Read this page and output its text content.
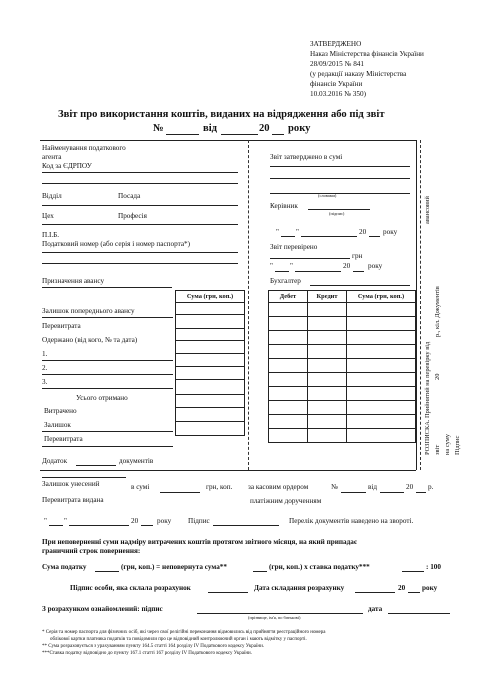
ЗАТВЕРДЖЕНО
Наказ Міністерства фінансів України
28/09/2015 № 841
(у редакції наказу Міністерства
фінансів України
10.03.2016 № 350)
Звіт про використання коштів, виданих на відрядження або під звіт
№	від	20 року
Найменування податкового
агента
Код за ЄДРПОУ
Відділ	Посада
Цех	Професія
П.І.Б.
Податковий номер (або серія і номер паспорта*)
Призначення авансу
Сума (грн, коп.)

Залишок попереднього авансу
Перевитрата
Одержано (від кого, № та дата)
1.
2.
3.
Усього отримано
Витрачено
Залишок
Перевитрата
Додаток	документів
Звіт затверджено в сумі
(словами)
Керівник
(підпис)
" "	20 року
Звіт перевірено
грн
" "	20 року
Бухгалтер
Дебет	Кредит	Сума (грн, коп.)

РОЗПИСКА. Прийнятий на перевірку від
авансовий
звіт
20
р., кіл. Документів
на суму Підпис
Залишок унесений	в сумі	грн, коп. за касовим ордером	№	від	20 р.
Перевитрата видана	платіжним дорученням
" "	20	року Підпис	Перелік документів наведено на звороті.
При неповерненні суми надміру витрачених коштів протягом звітного місяця, на який припадає
граничний строк повернення:
Сума податку	(грн, коп.) = неповернута сума**	(грн, коп.) х ставка податку***	: 100
Підпис особи, яка склала розрахунок	Дата складання розрахунку	20 року
З розрахунком ознайомлений: підпис	дата
(прізвище, ім'я, по батькові)
* Серія та номер паспорта для фізичних осіб, які через свої релігійні переконання відмовились від прийняття реєстраційного номера
облікової картки платника податків та повідомили про це відповідний контролюючий орган і мають відмітку у паспорті.
** Сума розраховується з урахуванням пункту 164.5 статті 164 розділу IV Податкового кодексу України.
***Ставка податку відповідно до пункту 167.1 статті 167 розділу IV Податкового кодексу України.
